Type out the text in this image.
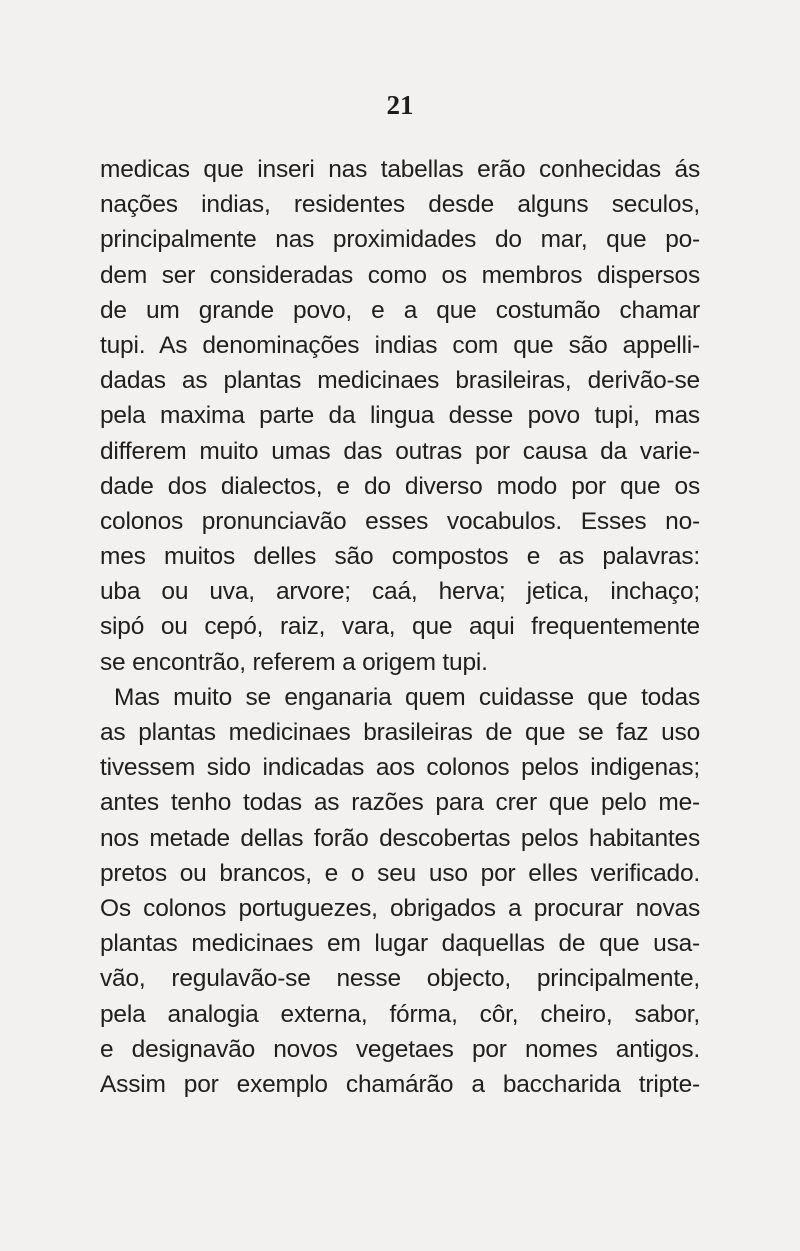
21
medicas que inseri nas tabellas erão conhecidas ás
nações indias, residentes desde alguns seculos,
principalmente nas proximidades do mar, que po-
dem ser consideradas como os membros dispersos
de um grande povo, e a que costumão chamar
tupi. As denominações indias com que são appelli-
dadas as plantas medicinaes brasileiras, derivão-se
pela maxima parte da lingua desse povo tupi, mas
differem muito umas das outras por causa da varie-
dade dos dialectos, e do diverso modo por que os
colonos pronunciavão esses vocabulos. Esses no-
mes muitos delles são compostos e as palavras:
uba ou uva, arvore; caá, herva; jetica, inchaço;
sipó ou cepó, raiz, vara, que aqui frequentemente
se encontrão, referem a origem tupi.
Mas muito se enganaria quem cuidasse que todas
as plantas medicinaes brasileiras de que se faz uso
tivessem sido indicadas aos colonos pelos indigenas;
antes tenho todas as razões para crer que pelo me-
nos metade dellas forão descobertas pelos habitantes
pretos ou brancos, e o seu uso por elles verificado.
Os colonos portuguezes, obrigados a procurar novas
plantas medicinaes em lugar daquellas de que usa-
vão, regulavão-se nesse objecto, principalmente,
pela analogia externa, fórma, côr, cheiro, sabor,
e designavão novos vegetaes por nomes antigos.
Assim por exemplo chamárão a baccharida tripte-
